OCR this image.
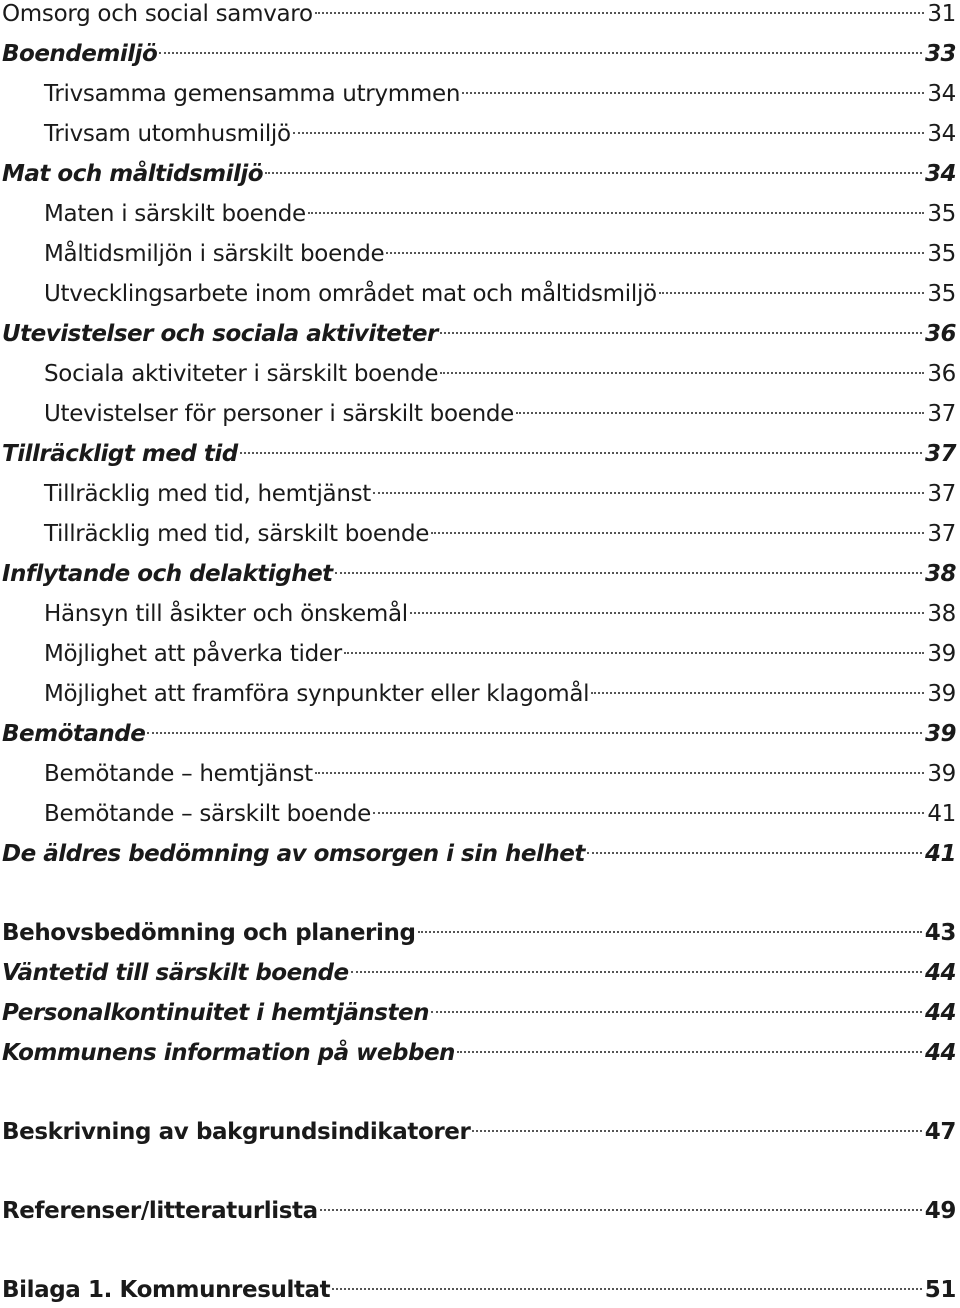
Omsorg och social samvaro	31
Boendemiljö	33
Trivsamma gemensamma utrymmen	34
Trivsam utomhusmiljö	34
Mat och måltidsmiljö	34
Maten i särskilt boende	35
Måltidsmiljön i särskilt boende	35
Utvecklingsarbete inom området mat och måltidsmiljö	35
Utevistelser och sociala aktiviteter	36
Sociala aktiviteter i särskilt boende	36
Utevistelser för personer i särskilt boende	37
Tillräckligt med tid	37
Tillräcklig med tid, hemtjänst	37
Tillräcklig med tid, särskilt boende	37
Inflytande och delaktighet	38
Hänsyn till åsikter och önskemål	38
Möjlighet att påverka tider	39
Möjlighet att framföra synpunkter eller klagomål	39
Bemötande	39
Bemötande – hemtjänst	39
Bemötande – särskilt boende	41
De äldres bedömning av omsorgen i sin helhet	41
Behovsbedömning och planering	43
Väntetid till särskilt boende	44
Personalkontinuitet i hemtjänsten	44
Kommunens information på webben	44
Beskrivning av bakgrundsindikatorer	47
Referenser/litteraturlista	49
Bilaga 1. Kommunresultat	51
